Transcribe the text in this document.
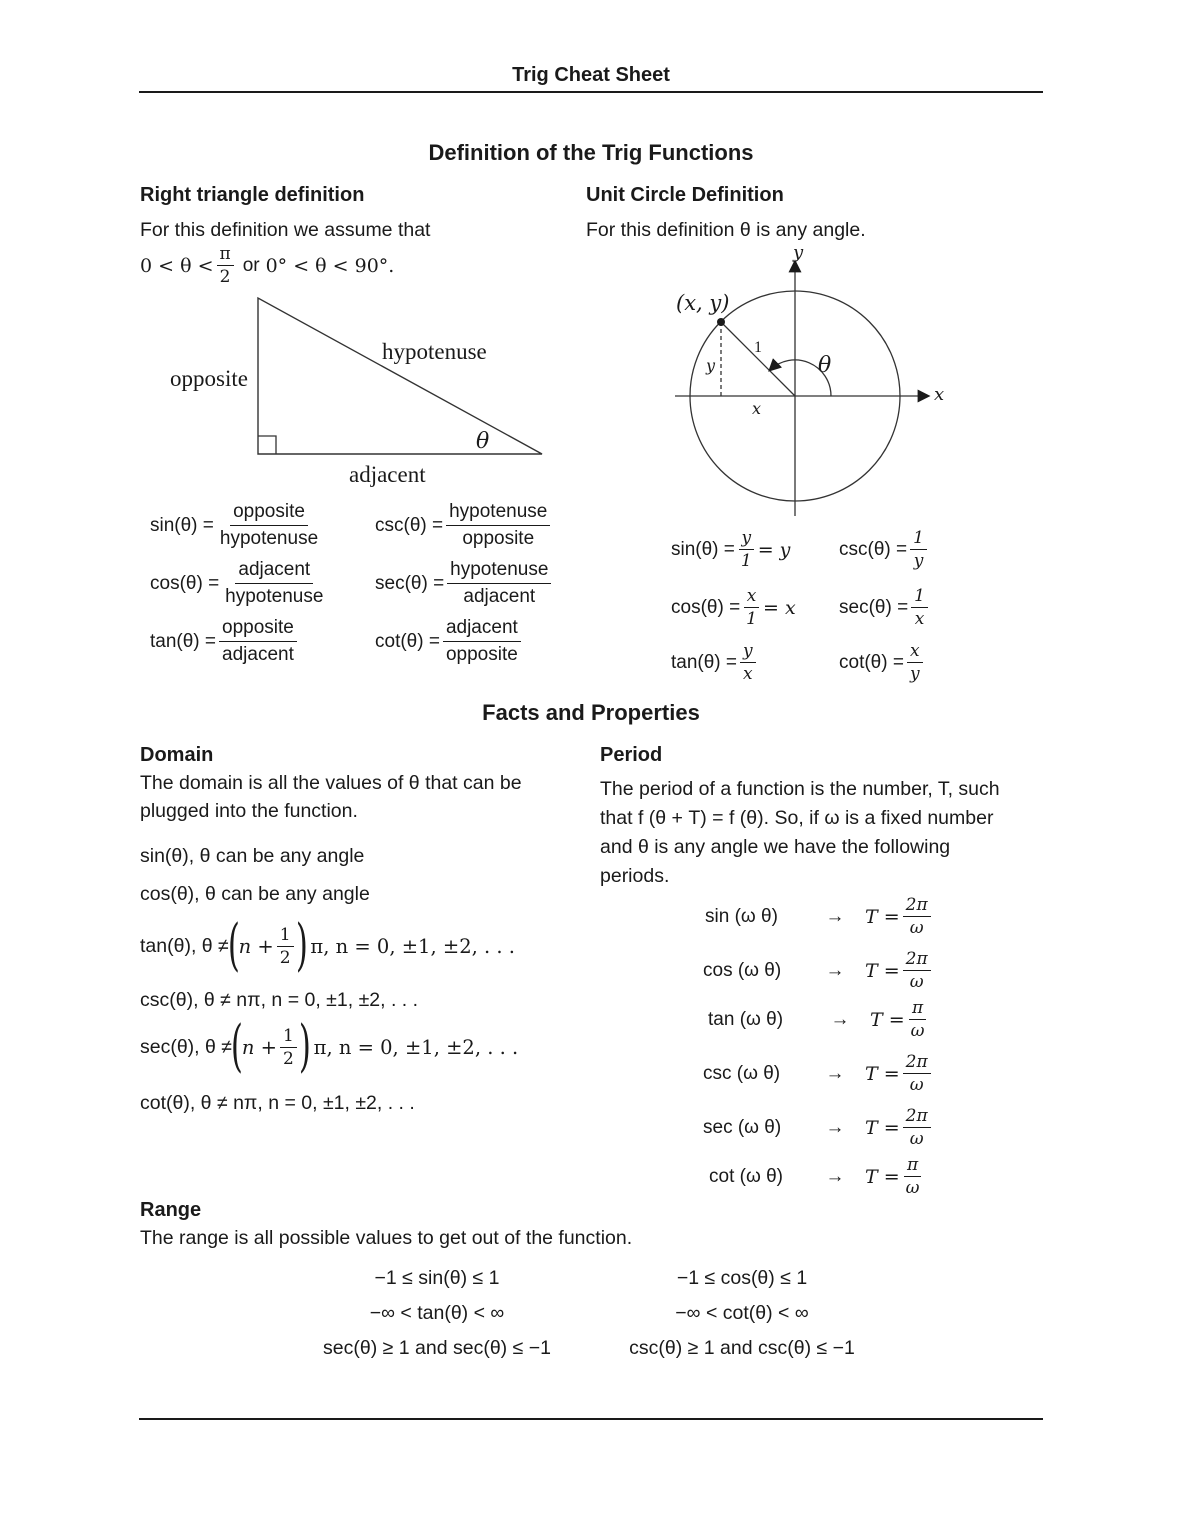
Trig Cheat Sheet
Definition of the Trig Functions
Right triangle definition
For this definition we assume that
$0 < \theta < \frac{\pi}{2}$ or 0° < θ < 90°.
opposite
hypotenuse
adjacent
θ
$\sin(\theta) = \frac{\text{opposite}}{\text{hypotenuse}}$	$\csc(\theta) = \frac{\text{hypotenuse}}{\text{opposite}}$
$\cos(\theta) = \frac{\text{adjacent}}{\text{hypotenuse}}$	$\sec(\theta) = \frac{\text{hypotenuse}}{\text{adjacent}}$
$\tan(\theta) = \frac{\text{opposite}}{\text{adjacent}}$	$\cot(\theta) = \frac{\text{adjacent}}{\text{opposite}}$
Unit Circle Definition
For this definition θ is any angle.
(x, y)
x
y
1
y
x
θ
$\sin(\theta) = \frac{y}{1} = y$	$\csc(\theta) = \frac{1}{y}$
$\cos(\theta) = \frac{x}{1} = x$ $\sec(\theta) = \frac{1}{x}$
$\tan(\theta) = \frac{y}{x}$	$\cot(\theta) = \frac{x}{y}$
Facts and Properties
Domain
The domain is all the values of θ that can be
plugged into the function.
sin(θ), θ can be any angle
cos(θ), θ can be any angle
tan(θ), θ ≠
(
$n + \frac{1}{2}$ ) π, n = 0, ±1, ±2, . . .
csc(θ), θ ≠ nπ, n = 0, ±1, ±2, . . .
sec(θ), θ ≠
(
$n + \frac{1}{2}$ ) π, n = 0, ±1, ±2, . . .
cot(θ), θ ≠ nπ, n = 0, ±1, ±2, . . .
Period
The period of a function is the number, T, such
that f (θ + T) = f (θ). So, if ω is a fixed number
and θ is any angle we have the following
periods.
sin (ω θ)	→	$T = \frac{2\pi}{\omega}$
cos (ω θ)	→	$T = \frac{2\pi}{\omega}$
tan (ω θ)	→	$T = \frac{\pi}{\omega}$
csc (ω θ)	→	$T = \frac{2\pi}{\omega}$
sec (ω θ)	→	$T = \frac{2\pi}{\omega}$
cot (ω θ)	→	$T = \frac{\pi}{\omega}$
Range
The range is all possible values to get out of the function.
−1 ≤ sin(θ) ≤ 1	−1 ≤ cos(θ) ≤ 1
−∞ < tan(θ) < ∞	−∞ < cot(θ) < ∞
sec(θ) ≥ 1 and sec(θ) ≤ −1	csc(θ) ≥ 1 and csc(θ) ≤ −1
